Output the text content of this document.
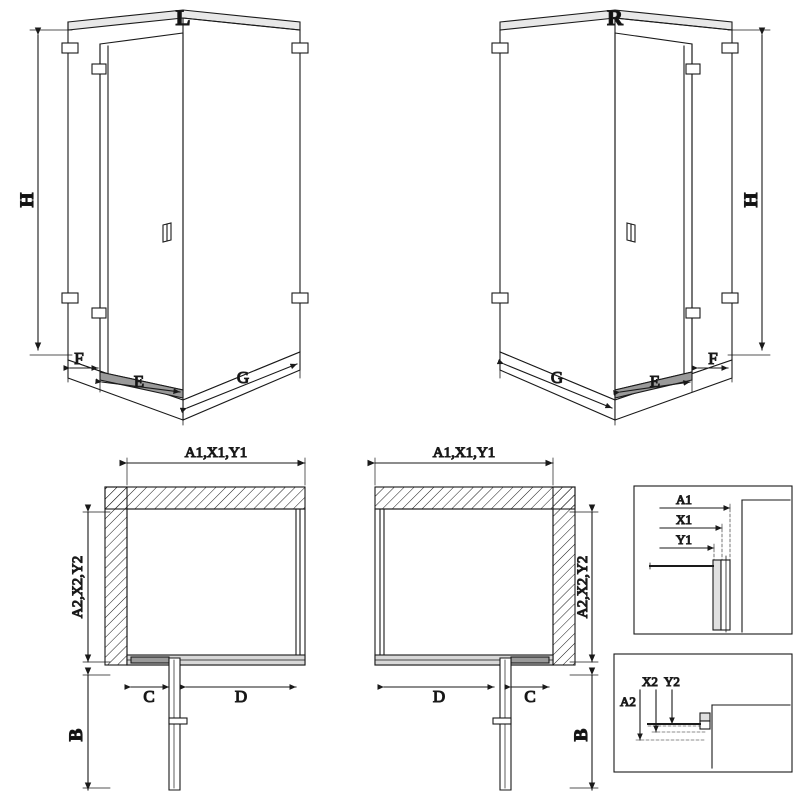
H
F
E	G
L
H
G	E
F
R
A1,X1,Y1
A2,X2,Y2
C	D
B
A1,X1,Y1
A2,X2,Y2
D	C
B
A1
X1
Y1
A2
X2 Y2
